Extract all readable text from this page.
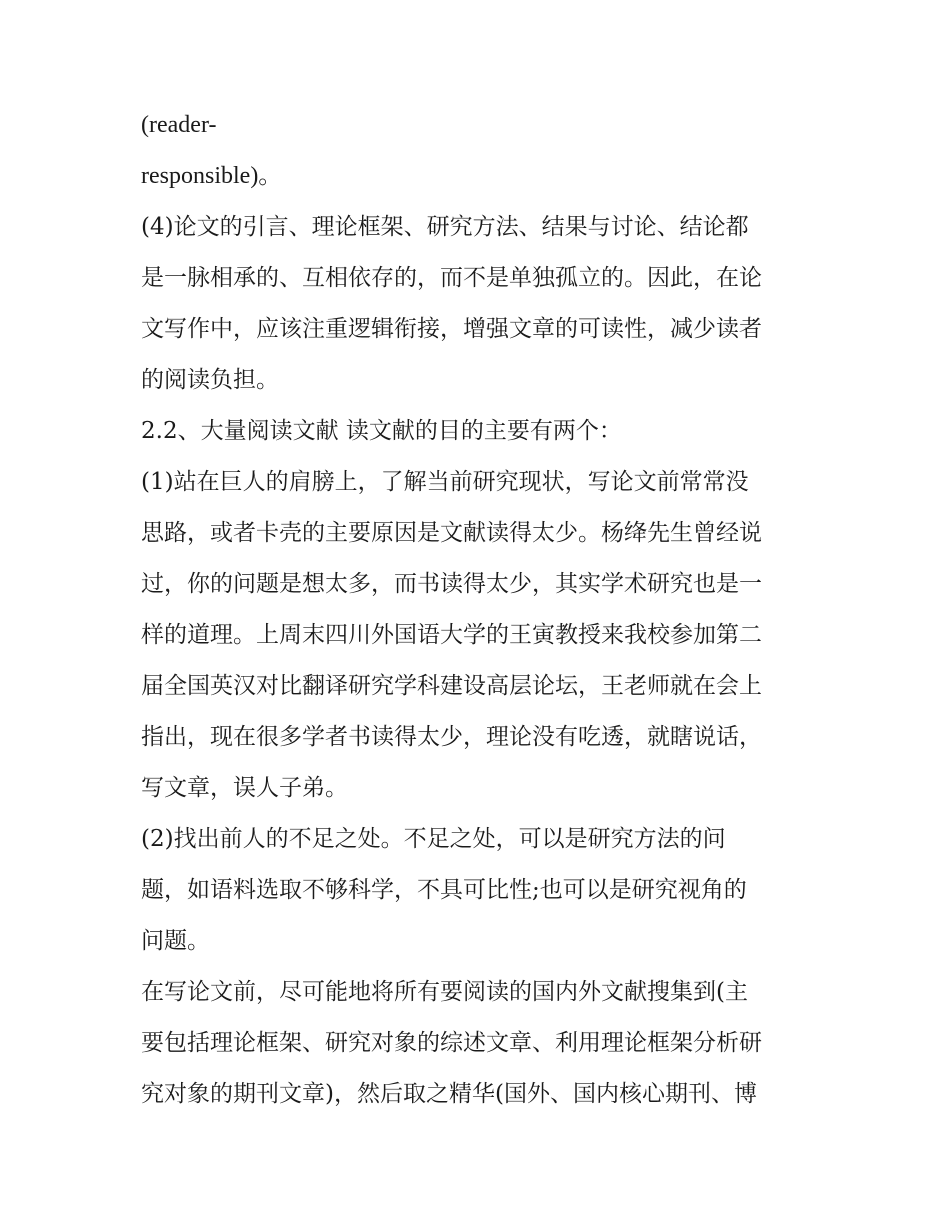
(reader-
responsible)。
(4)论文的引言、理论框架、研究方法、结果与讨论、结论都
是一脉相承的、互相依存的，而不是单独孤立的。因此，在论
文写作中，应该注重逻辑衔接，增强文章的可读性，减少读者
的阅读负担。
2.2、大量阅读文献 读文献的目的主要有两个：
(1)站在巨人的肩膀上，了解当前研究现状，写论文前常常没
思路，或者卡壳的主要原因是文献读得太少。杨绛先生曾经说
过，你的问题是想太多，而书读得太少，其实学术研究也是一
样的道理。上周末四川外国语大学的王寅教授来我校参加第二
届全国英汉对比翻译研究学科建设高层论坛，王老师就在会上
指出，现在很多学者书读得太少，理论没有吃透，就瞎说话，
写文章，误人子弟。
(2)找出前人的不足之处。不足之处，可以是研究方法的问
题，如语料选取不够科学，不具可比性;也可以是研究视角的
问题。
在写论文前，尽可能地将所有要阅读的国内外文献搜集到(主
要包括理论框架、研究对象的综述文章、利用理论框架分析研
究对象的期刊文章)，然后取之精华(国外、国内核心期刊、博
